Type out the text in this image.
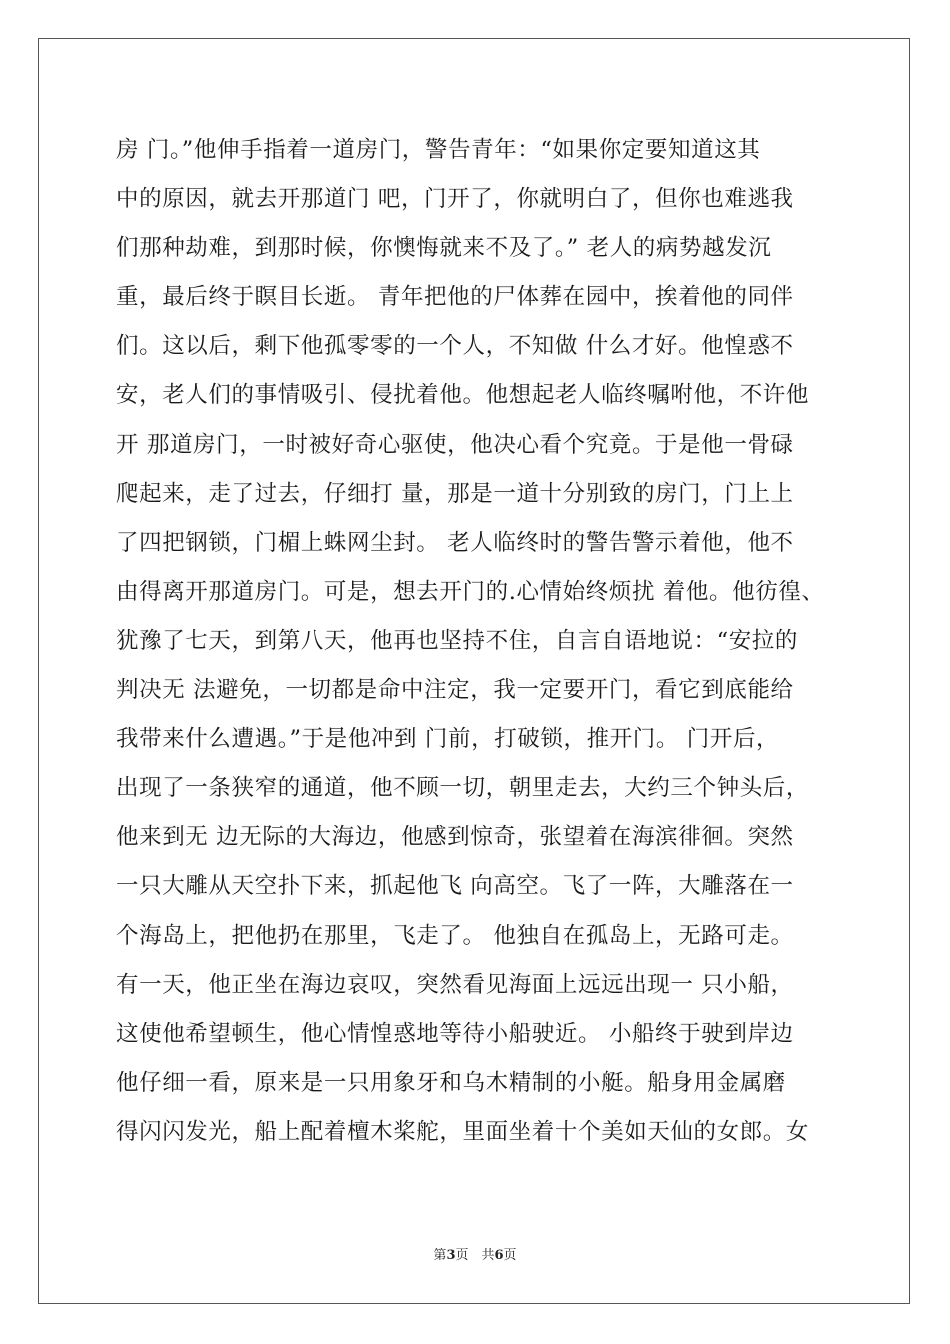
房 门。”他伸手指着一道房门，警告青年：“如果你定要知道这其
中的原因，就去开那道门 吧，门开了，你就明白了，但你也难逃我
们那种劫难，到那时候，你懊悔就来不及了。” 老人的病势越发沉
重，最后终于瞑目长逝。 青年把他的尸体葬在园中，挨着他的同伴
们。这以后，剩下他孤零零的一个人，不知做 什么才好。他惶惑不
安，老人们的事情吸引、侵扰着他。他想起老人临终嘱咐他，不许他
开 那道房门，一时被好奇心驱使，他决心看个究竟。于是他一骨碌
爬起来，走了过去，仔细打 量，那是一道十分别致的房门，门上上
了四把钢锁，门楣上蛛网尘封。 老人临终时的警告警示着他，他不
由得离开那道房门。可是，想去开门的.心情始终烦扰 着他。他彷徨、
犹豫了七天，到第八天，他再也坚持不住，自言自语地说：“安拉的
判决无 法避免，一切都是命中注定，我一定要开门，看它到底能给
我带来什么遭遇。”于是他冲到 门前，打破锁，推开门。 门开后，
出现了一条狭窄的通道，他不顾一切，朝里走去，大约三个钟头后，
他来到无 边无际的大海边，他感到惊奇，张望着在海滨徘徊。突然
一只大雕从天空扑下来，抓起他飞 向高空。飞了一阵，大雕落在一
个海岛上，把他扔在那里，飞走了。 他独自在孤岛上，无路可走。
有一天，他正坐在海边哀叹，突然看见海面上远远出现一 只小船，
这使他希望顿生，他心情惶惑地等待小船驶近。 小船终于驶到岸边
他仔细一看，原来是一只用象牙和乌木精制的小艇。船身用金属磨
得闪闪发光，船上配着檀木桨舵，里面坐着十个美如天仙的女郎。女
第3页　共6页
